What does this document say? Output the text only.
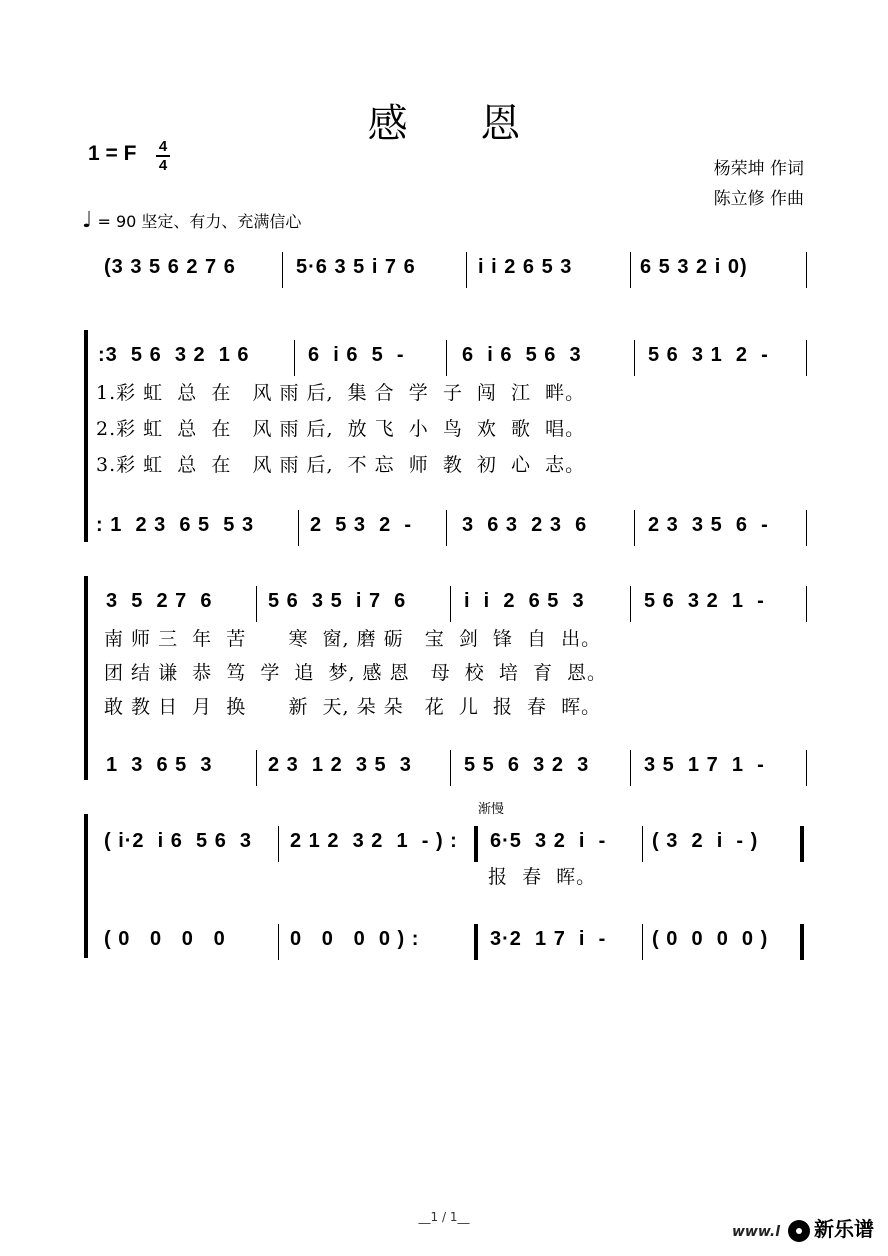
感 恩
1 = F 4
4	杨荣坤 作词
陈立修 作曲
♩ = 90 坚定、有力、充满信心
(3 3 5 6 2 7 6	5·6 3 5 i 7 6	i i 2 6 5 3	6 5 3 2 i 0)
:3  5 6  3 2  1 6	6  i 6  5  -	6  i 6  5 6  3	5 6  3 1  2  -
1.彩 虹  总  在   风 雨 后,  集 合  学  子  闯  江  畔。
2.彩 虹  总  在   风 雨 后,  放 飞  小  鸟  欢  歌  唱。
3.彩 虹  总  在   风 雨 后,  不 忘  师  教  初  心  志。
: 1  2 3  6 5  5 3	2  5 3  2  - 3  6 3  2 3  6	2 3  3 5  6  -
3  5  2 7  6	5 6  3 5  i 7  6	i  i  2  6 5  3	5 6  3 2  1  -
南 师 三  年  苦      寒  窗, 磨 砺   宝  剑  锋  自  出。
团 结 谦  恭  笃  学  追  梦, 感 恩   母  校  培  育  恩。
敢 教 日  月  换      新  天, 朵 朵   花  儿  报  春  晖。
1  3  6 5  3	2 3  1 2  3 5  3	5 5  6  3 2  3	3 5  1 7  1  -
渐慢
( i·2  i 6  5 6  3 2 1 2  3 2  1  - ) : 6·5  3 2  i  - ( 3  2  i  - )
报  春  晖。
( 0   0   0   0	0   0   0  0 ) :	3·2  1 7  i  - ( 0  0  0  0 )
__1 / 1__
www.l 新乐谱
